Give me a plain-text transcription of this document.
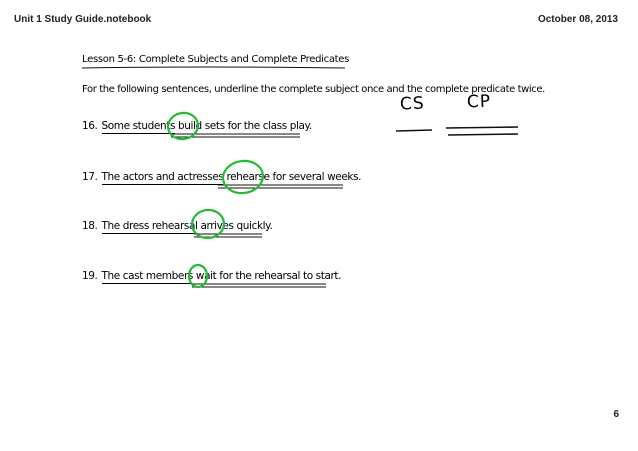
Unit 1 Study Guide.notebook	October 08, 2013
Lesson 5-6: Complete Subjects and Complete Predicates
For the following sentences, underline the complete subject once and the complete predicate twice.
16. Some students build sets for the class play.
17. The actors and actresses rehearse for several weeks.
18. The dress rehearsal arrives quickly.
19. The cast members wait for the rehearsal to start.
CS CP
6
